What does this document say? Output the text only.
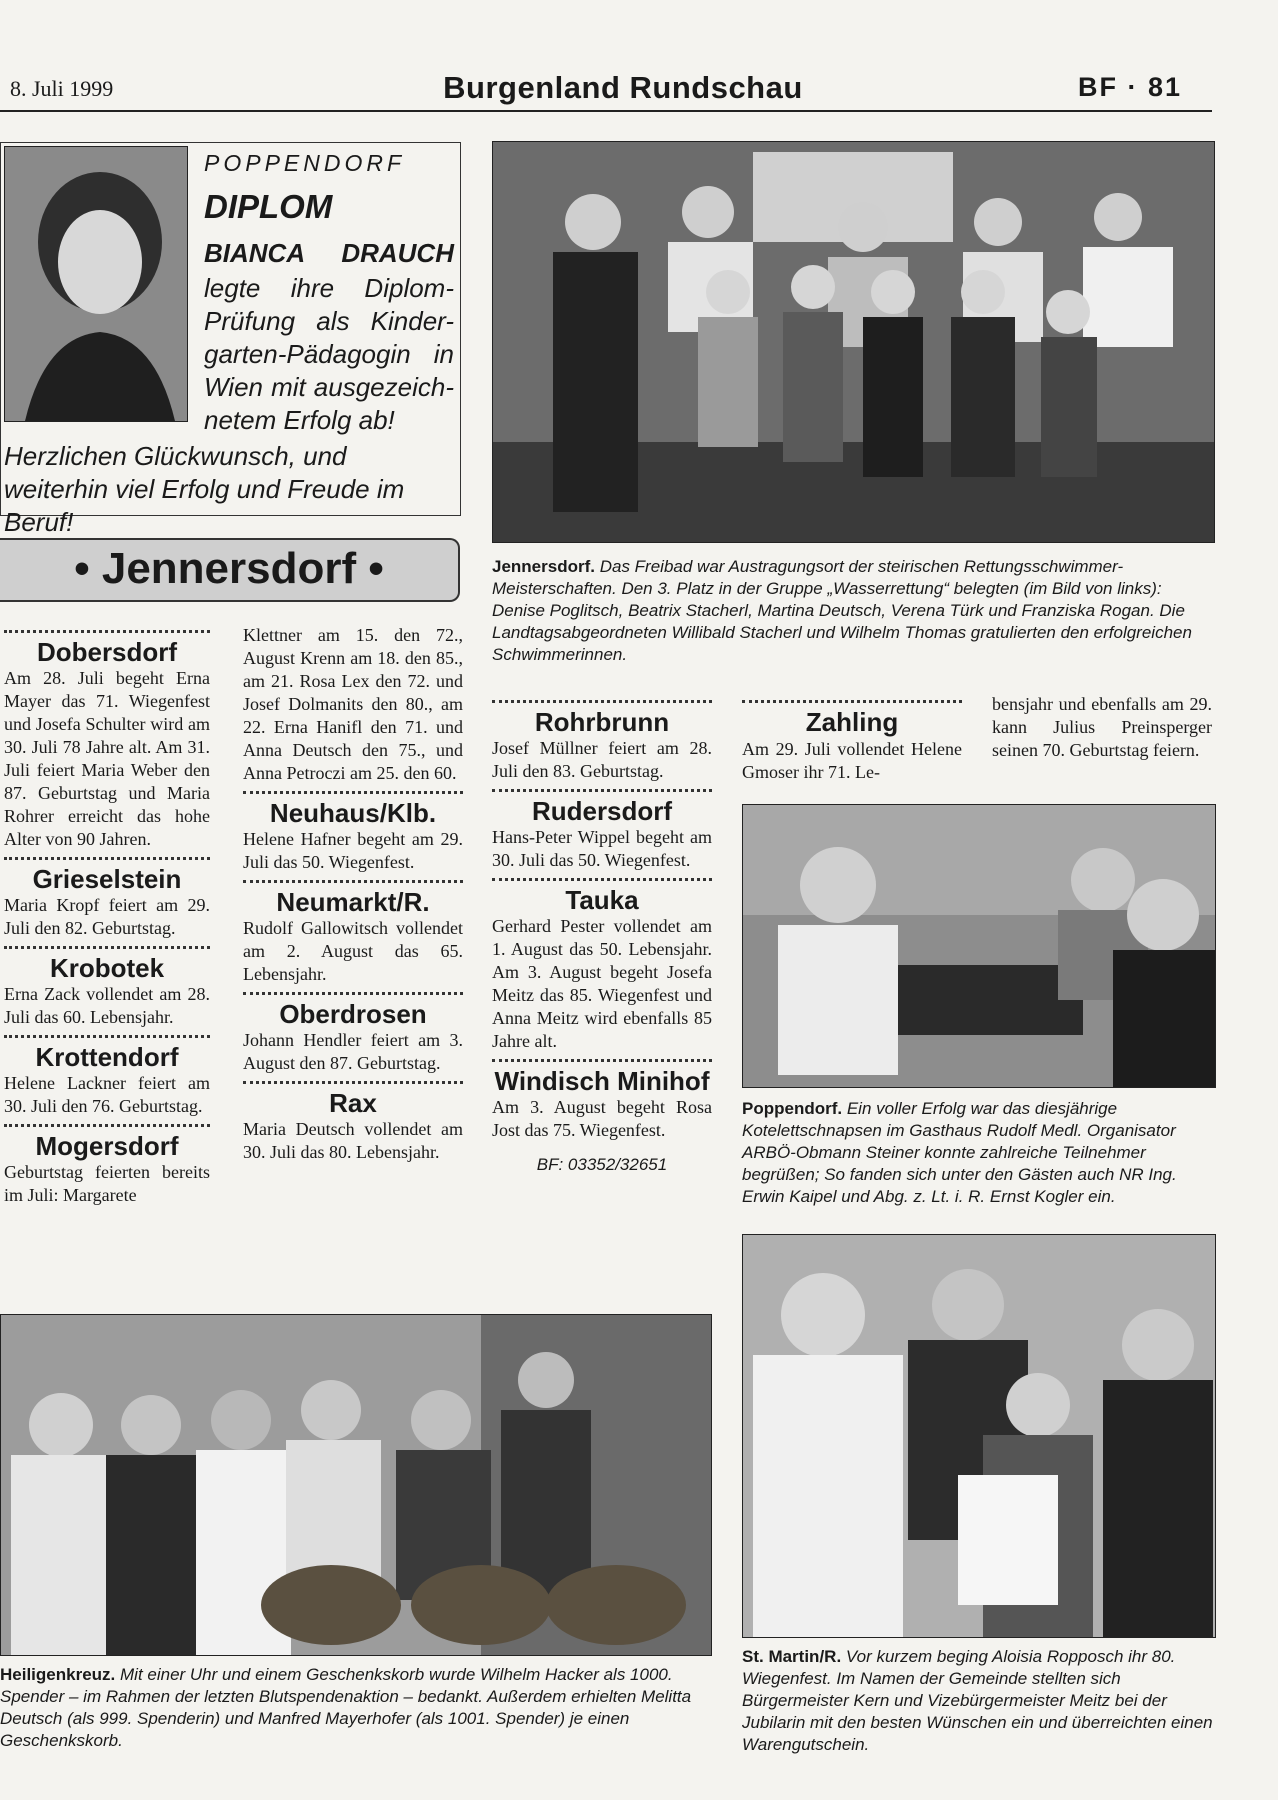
8. Juli 1999	Burgenland Rundschau	BF · 81
POPPENDORF
DIPLOM
BIANCA DRAUCH
legte ihre Diplom-Prüfung als Kinder-garten-Pädagogin in Wien mit ausgezeich-netem Erfolg ab!
Herzlichen Glückwunsch, und weiterhin viel Erfolg und Freude im Beruf!
• Jennersdorf •
Dobersdorf

Am 28. Juli begeht Erna Mayer das 71. Wiegenfest und Josefa Schulter wird am 30. Juli 78 Jahre alt. Am 31. Juli feiert Maria Weber den 87. Geburtstag und Maria Rohrer erreicht das hohe Alter von 90 Jahren.

Grieselstein

Maria Kropf feiert am 29. Juli den 82. Geburtstag.

Krobotek

Erna Zack vollendet am 28. Juli das 60. Lebensjahr.

Krottendorf

Helene Lackner feiert am 30. Juli den 76. Geburtstag.

Mogersdorf

Geburtstag feierten bereits im Juli: Margarete

Klettner am 15. den 72., August Krenn am 18. den 85., am 21. Rosa Lex den 72. und Josef Dolmanits den 80., am 22. Erna Hanifl den 71. und Anna Deutsch den 75., und Anna Petroczi am 25. den 60.

Neuhaus/Klb.

Helene Hafner begeht am 29. Juli das 50. Wiegenfest.

Neumarkt/R.

Rudolf Gallowitsch vollendet am 2. August das 65. Lebensjahr.

Oberdrosen

Johann Hendler feiert am 3. August den 87. Geburtstag.

Rax

Maria Deutsch vollendet am 30. Juli das 80. Lebensjahr.

Jennersdorf. Das Freibad war Austragungsort der steirischen Rettungsschwimmer-Meisterschaften. Den 3. Platz in der Gruppe „Wasserrettung“ belegten (im Bild von links): Denise Poglitsch, Beatrix Stacherl, Martina Deutsch, Verena Türk und Franziska Rogan. Die Landtagsabgeordneten Willibald Stacherl und Wilhelm Thomas gratulierten den erfolgreichen Schwimmerinnen.
Rohrbrunn

Josef Müllner feiert am 28. Juli den 83. Geburtstag.

Rudersdorf

Hans-Peter Wippel begeht am 30. Juli das 50. Wiegenfest.

Tauka

Gerhard Pester vollendet am 1. August das 50. Lebensjahr. Am 3. August begeht Josefa Meitz das 85. Wiegenfest und Anna Meitz wird ebenfalls 85 Jahre alt.

Windisch Minihof

Am 3. August begeht Rosa Jost das 75. Wiegenfest.

BF: 03352/32651
Zahling

Am 29. Juli vollendet Helene Gmoser ihr 71. Le-

bensjahr und ebenfalls am 29. kann Julius Preinsperger seinen 70. Geburtstag feiern.

Poppendorf. Ein voller Erfolg war das diesjährige Kotelettschnapsen im Gasthaus Rudolf Medl. Organisator ARBÖ-Obmann Steiner konnte zahlreiche Teilnehmer begrüßen; So fanden sich unter den Gästen auch NR Ing. Erwin Kaipel und Abg. z. Lt. i. R. Ernst Kogler ein.
Heiligenkreuz. Mit einer Uhr und einem Geschenkskorb wurde Wilhelm Hacker als 1000. Spender – im Rahmen der letzten Blutspendenaktion – bedankt. Außerdem erhielten Melitta Deutsch (als 999. Spenderin) und Manfred Mayerhofer (als 1001. Spender) je einen Geschenkskorb.
St. Martin/R. Vor kurzem beging Aloisia Ropposch ihr 80. Wiegenfest. Im Namen der Gemeinde stellten sich Bürgermeister Kern und Vizebürgermeister Meitz bei der Jubilarin mit den besten Wünschen ein und überreichten einen Warengutschein.
